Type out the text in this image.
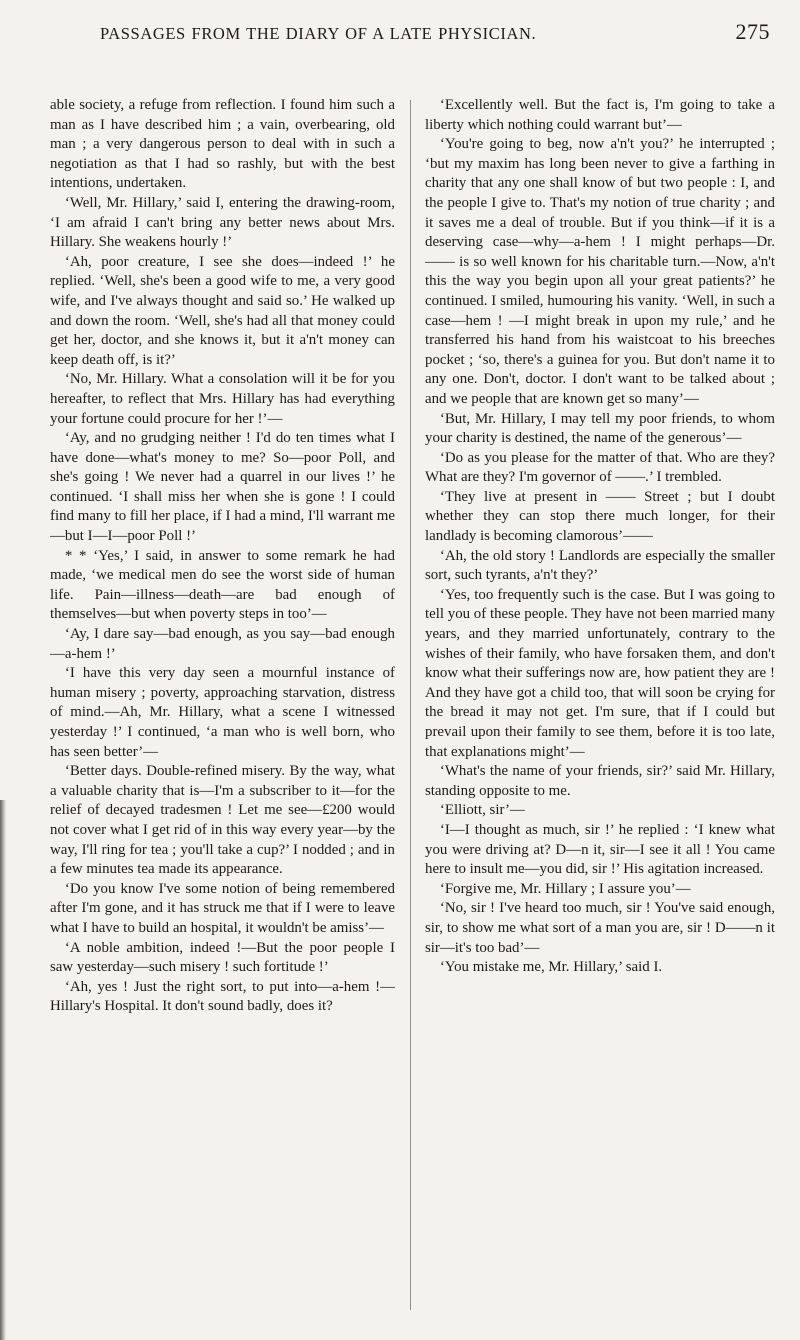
PASSAGES FROM THE DIARY OF A LATE PHYSICIAN.	275

able society, a refuge from reflection. I found him such a man as I have described him ; a vain, overbearing, old man ; a very dangerous person to deal with in such a negotiation as that I had so rashly, but with the best intentions, undertaken.

‘Well, Mr. Hillary,’ said I, entering the drawing-room, ‘I am afraid I can't bring any better news about Mrs. Hillary. She weakens hourly !’

‘Ah, poor creature, I see she does—indeed !’ he replied. ‘Well, she's been a good wife to me, a very good wife, and I've always thought and said so.’ He walked up and down the room. ‘Well, she's had all that money could get her, doctor, and she knows it, but it a'n't money can keep death off, is it?’

‘No, Mr. Hillary. What a consolation will it be for you hereafter, to reflect that Mrs. Hillary has had everything your fortune could procure for her !’—

‘Ay, and no grudging neither ! I'd do ten times what I have done—what's money to me? So—poor Poll, and she's going ! We never had a quarrel in our lives !’ he continued. ‘I shall miss her when she is gone ! I could find many to fill her place, if I had a mind, I'll warrant me—but I—I—poor Poll !’

* * ‘Yes,’ I said, in answer to some remark he had made, ‘we medical men do see the worst side of human life. Pain—illness—death—are bad enough of themselves—but when poverty steps in too’—

‘Ay, I dare say—bad enough, as you say—bad enough—a-hem !’

‘I have this very day seen a mournful instance of human misery ; poverty, approaching starvation, distress of mind.—Ah, Mr. Hillary, what a scene I witnessed yesterday !’ I continued, ‘a man who is well born, who has seen better’—

‘Better days. Double-refined misery. By the way, what a valuable charity that is—I'm a subscriber to it—for the relief of decayed tradesmen ! Let me see—£200 would not cover what I get rid of in this way every year—by the way, I'll ring for tea ; you'll take a cup?’ I nodded ; and in a few minutes tea made its appearance.

‘Do you know I've some notion of being remembered after I'm gone, and it has struck me that if I were to leave what I have to build an hospital, it wouldn't be amiss’—

‘A noble ambition, indeed !—But the poor people I saw yesterday—such misery ! such fortitude !’

‘Ah, yes ! Just the right sort, to put into—a-hem !—Hillary's Hospital. It don't sound badly, does it?

‘Excellently well. But the fact is, I'm going to take a liberty which nothing could warrant but’—

‘You're going to beg, now a'n't you?’ he interrupted ; ‘but my maxim has long been never to give a farthing in charity that any one shall know of but two people : I, and the people I give to. That's my notion of true charity ; and it saves me a deal of trouble. But if you think—if it is a deserving case—why—a-hem ! I might perhaps—Dr. —— is so well known for his charitable turn.—Now, a'n't this the way you begin upon all your great patients?’ he continued. I smiled, humouring his vanity. ‘Well, in such a case—hem ! —I might break in upon my rule,’ and he transferred his hand from his waistcoat to his breeches pocket ; ‘so, there's a guinea for you. But don't name it to any one. Don't, doctor. I don't want to be talked about ; and we people that are known get so many’—

‘But, Mr. Hillary, I may tell my poor friends, to whom your charity is destined, the name of the generous’—

‘Do as you please for the matter of that. Who are they? What are they? I'm governor of ——.’ I trembled.

‘They live at present in —— Street ; but I doubt whether they can stop there much longer, for their landlady is becoming clamorous’——

‘Ah, the old story ! Landlords are especially the smaller sort, such tyrants, a'n't they?’

‘Yes, too frequently such is the case. But I was going to tell you of these people. They have not been married many years, and they married unfortunately, contrary to the wishes of their family, who have forsaken them, and don't know what their sufferings now are, how patient they are ! And they have got a child too, that will soon be crying for the bread it may not get. I'm sure, that if I could but prevail upon their family to see them, before it is too late, that explanations might’—

‘What's the name of your friends, sir?’ said Mr. Hillary, standing opposite to me.

‘Elliott, sir’—

‘I—I thought as much, sir !’ he replied : ‘I knew what you were driving at? D—n it, sir—I see it all ! You came here to insult me—you did, sir !’ His agitation increased.

‘Forgive me, Mr. Hillary ; I assure you’—

‘No, sir ! I've heard too much, sir ! You've said enough, sir, to show me what sort of a man you are, sir ! D——n it sir—it's too bad’—

‘You mistake me, Mr. Hillary,’ said I.
